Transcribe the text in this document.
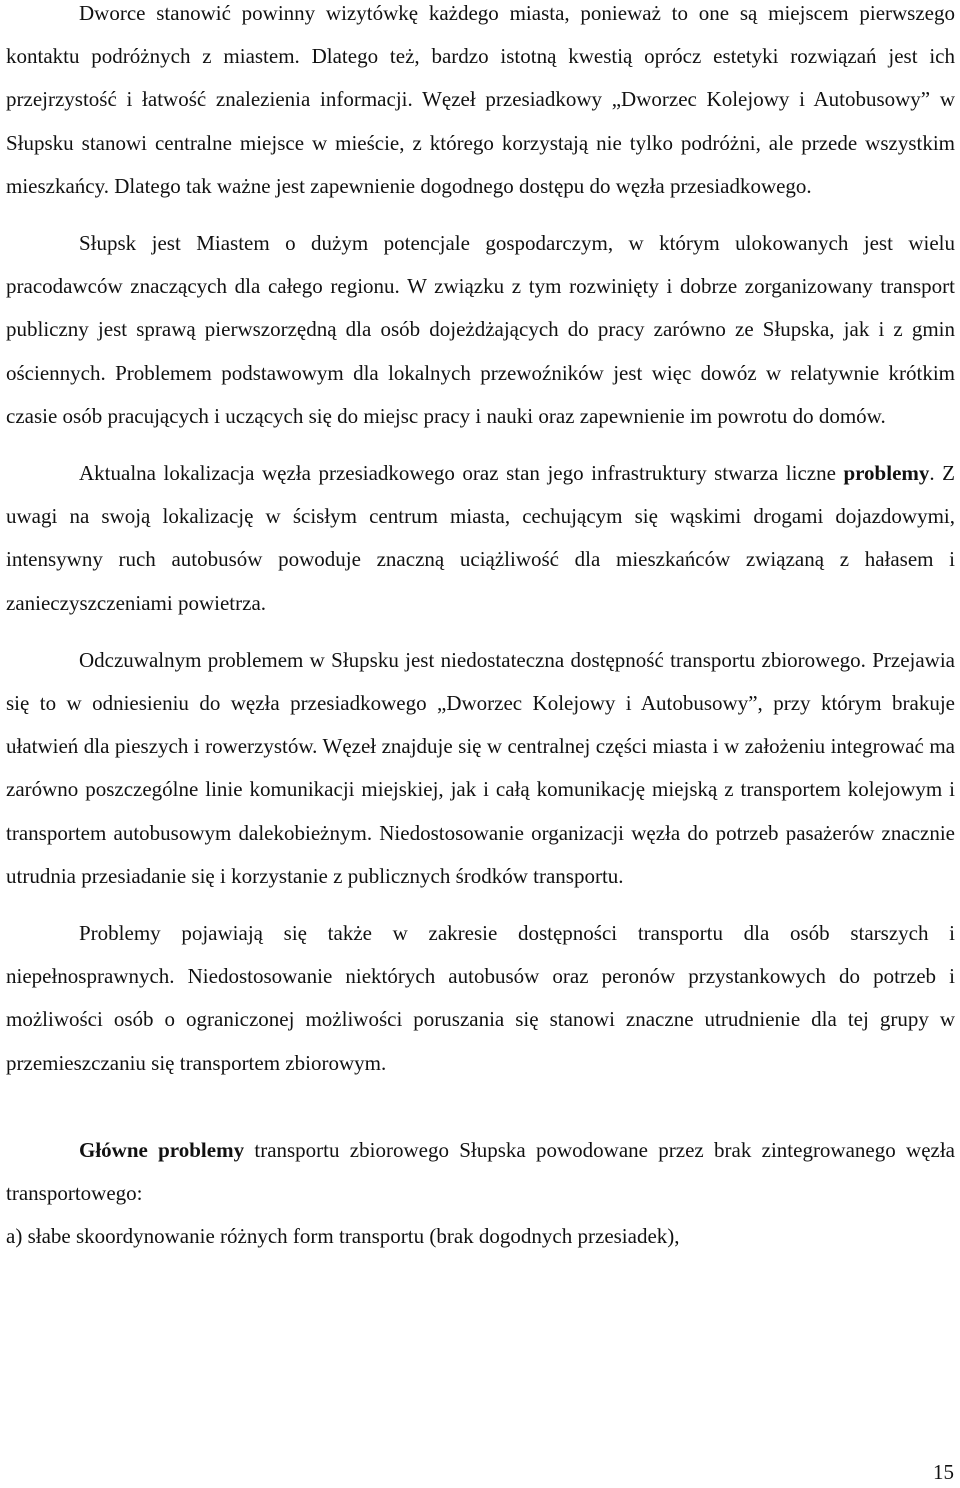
Dworce stanowić powinny wizytówkę każdego miasta, ponieważ to one są miejscem pierwszego kontaktu podróżnych z miastem. Dlatego też, bardzo istotną kwestią oprócz estetyki rozwiązań jest ich przejrzystość i łatwość znalezienia informacji. Węzeł przesiadkowy „Dworzec Kolejowy i Autobusowy” w Słupsku stanowi centralne miejsce w mieście, z którego korzystają nie tylko podróżni, ale przede wszystkim mieszkańcy. Dlatego tak ważne jest zapewnienie dogodnego dostępu do węzła przesiadkowego.

Słupsk jest Miastem o dużym potencjale gospodarczym, w którym ulokowanych jest wielu pracodawców znaczących dla całego regionu. W związku z tym rozwinięty i dobrze zorganizowany transport publiczny jest sprawą pierwszorzędną dla osób dojeżdżających do pracy zarówno ze Słupska, jak i z gmin ościennych. Problemem podstawowym dla lokalnych przewoźników jest więc dowóz w relatywnie krótkim czasie osób pracujących i uczących się do miejsc pracy i nauki oraz zapewnienie im powrotu do domów.

Aktualna lokalizacja węzła przesiadkowego oraz stan jego infrastruktury stwarza liczne problemy. Z uwagi na swoją lokalizację w ścisłym centrum miasta, cechującym się wąskimi drogami dojazdowymi, intensywny ruch autobusów powoduje znaczną uciążliwość dla mieszkańców związaną z hałasem i zanieczyszczeniami powietrza.

Odczuwalnym problemem w Słupsku jest niedostateczna dostępność transportu zbiorowego. Przejawia się to w odniesieniu do węzła przesiadkowego „Dworzec Kolejowy i Autobusowy”, przy którym brakuje ułatwień dla pieszych i rowerzystów. Węzeł znajduje się w centralnej części miasta i w założeniu integrować ma zarówno poszczególne linie komunikacji miejskiej, jak i całą komunikację miejską z transportem kolejowym i transportem autobusowym dalekobieżnym. Niedostosowanie organizacji węzła do potrzeb pasażerów znacznie utrudnia przesiadanie się i korzystanie z publicznych środków transportu.

Problemy pojawiają się także w zakresie dostępności transportu dla osób starszych i niepełnosprawnych. Niedostosowanie niektórych autobusów oraz peronów przystankowych do potrzeb i możliwości osób o ograniczonej możliwości poruszania się stanowi znaczne utrudnienie dla tej grupy w przemieszczaniu się transportem zbiorowym.

Główne problemy transportu zbiorowego Słupska powodowane przez brak zintegrowanego węzła transportowego:

a) słabe skoordynowanie różnych form transportu (brak dogodnych przesiadek),

15
